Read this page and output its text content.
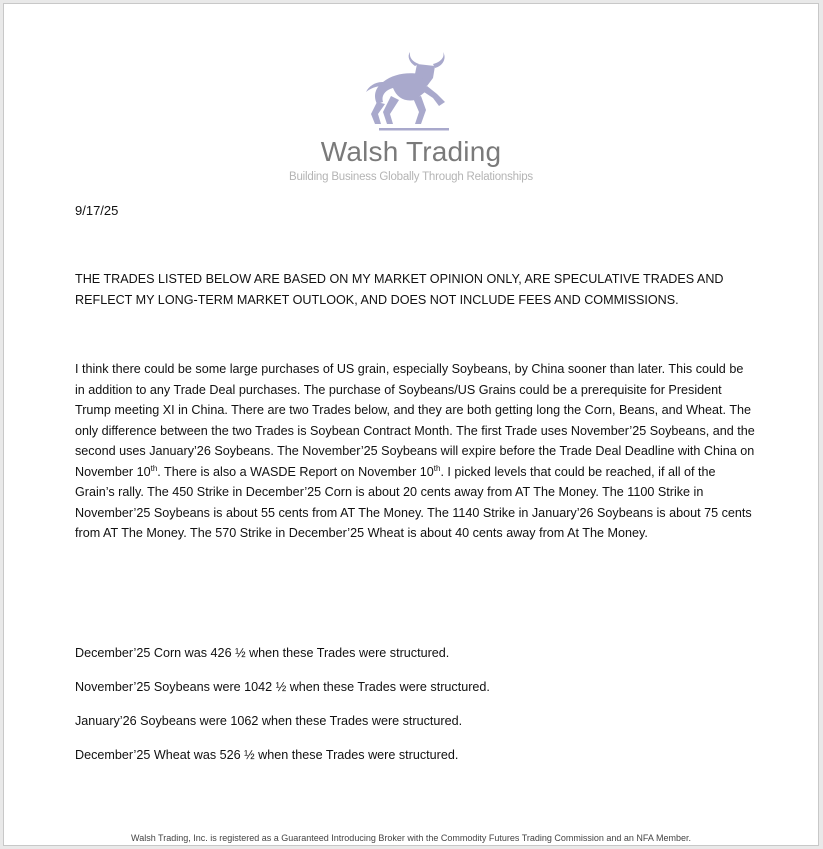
Walsh Trading
Building Business Globally Through Relationships
9/17/25
THE TRADES LISTED BELOW ARE BASED ON MY MARKET OPINION ONLY, ARE SPECULATIVE TRADES AND REFLECT MY LONG-TERM MARKET OUTLOOK, AND DOES NOT INCLUDE FEES AND COMMISSIONS.
I think there could be some large purchases of US grain, especially Soybeans, by China sooner than later. This could be in addition to any Trade Deal purchases. The purchase of Soybeans/US Grains could be a prerequisite for President Trump meeting XI in China. There are two Trades below, and they are both getting long the Corn, Beans, and Wheat. The only difference between the two Trades is Soybean Contract Month. The first Trade uses November’25 Soybeans, and the second uses January’26 Soybeans. The November’25 Soybeans will expire before the Trade Deal Deadline with China on November 10th. There is also a WASDE Report on November 10th. I picked levels that could be reached, if all of the Grain’s rally. The 450 Strike in December’25 Corn is about 20 cents away from AT The Money. The 1100 Strike in November’25 Soybeans is about 55 cents from AT The Money. The 1140 Strike in January’26 Soybeans is about 75 cents from AT The Money. The 570 Strike in December’25 Wheat is about 40 cents away from At The Money.
December’25 Corn was 426 ½ when these Trades were structured.
November’25 Soybeans were 1042 ½ when these Trades were structured.
January’26 Soybeans were 1062 when these Trades were structured.
December’25 Wheat was 526 ½ when these Trades were structured.
Walsh Trading, Inc. is registered as a Guaranteed Introducing Broker with the Commodity Futures Trading Commission and an NFA Member.
